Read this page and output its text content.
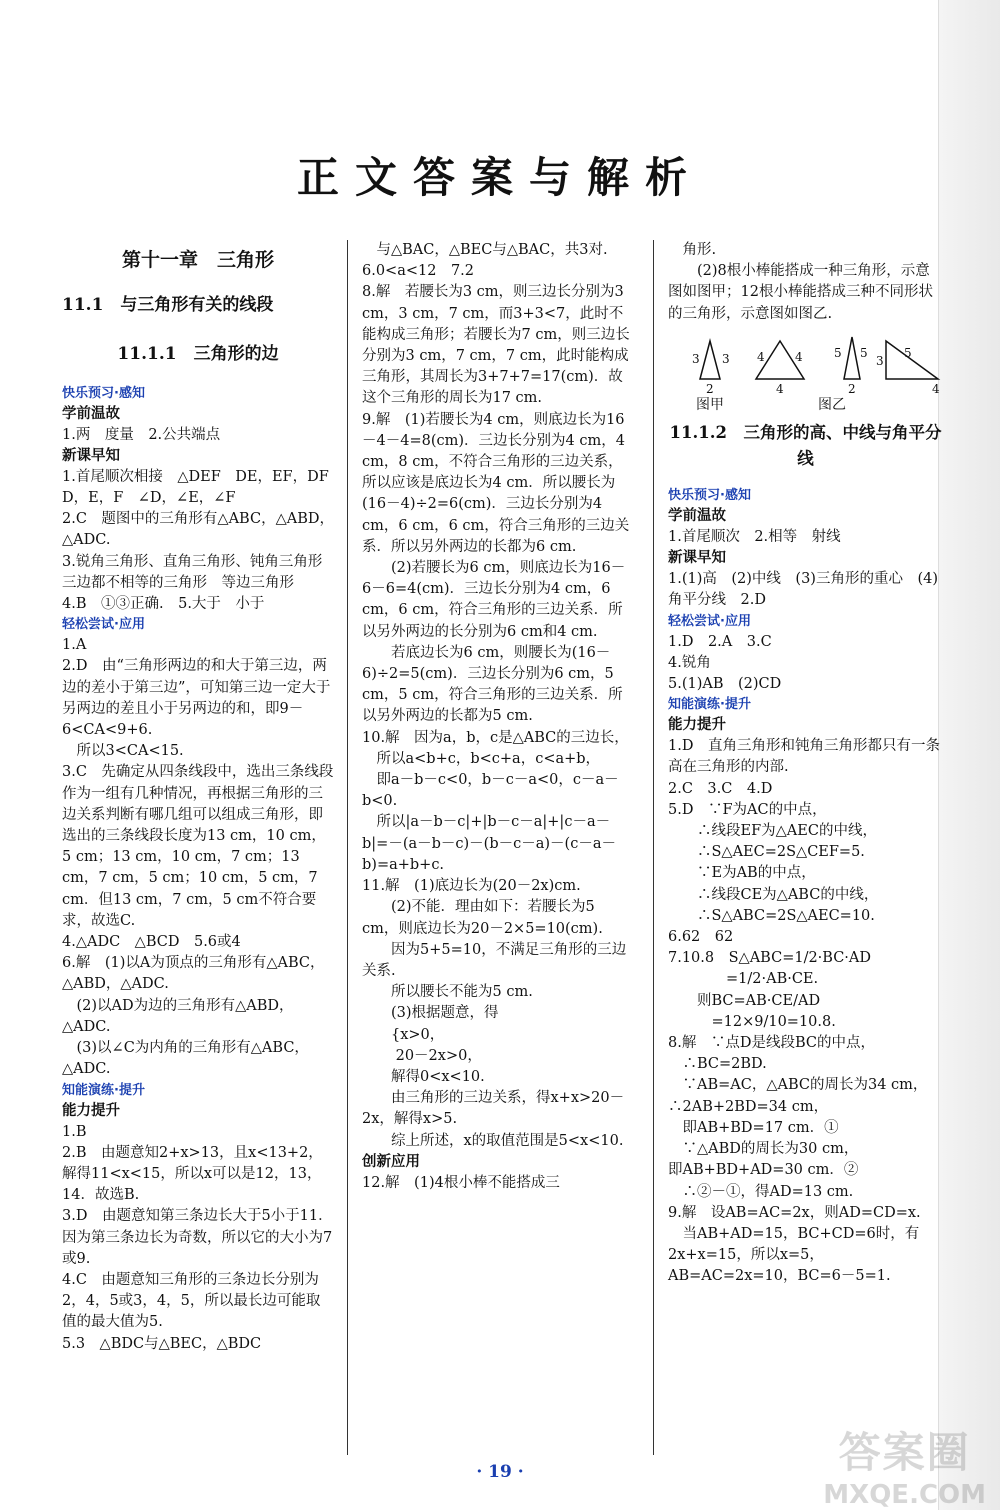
正文答案与解析
第十一章　三角形
11.1　与三角形有关的线段
11.1.1　三角形的边
快乐预习·感知
学前温故
1.两　度量　2.公共端点
新课早知
1.首尾顺次相接　△DEF　DE，EF，DF　D，E，F　∠D，∠E，∠F
2.C　题图中的三角形有△ABC，△ABD，△ADC.
3.锐角三角形、直角三角形、钝角三角形　三边都不相等的三角形　等边三角形
4.B　①③正确.　5.大于　小于
轻松尝试·应用
1.A
2.D　由“三角形两边的和大于第三边，两边的差小于第三边”，可知第三边一定大于另两边的差且小于另两边的和，即9－6<CA<9+6.
　所以3<CA<15.
3.C　先确定从四条线段中，选出三条线段作为一组有几种情况，再根据三角形的三边关系判断有哪几组可以组成三角形，即选出的三条线段长度为13 cm，10 cm，5 cm；13 cm，10 cm，7 cm；13 cm，7 cm，5 cm；10 cm，5 cm，7 cm．但13 cm，7 cm，5 cm不符合要求，故选C.
4.△ADC　△BCD　5.6或4
6.解　(1)以A为顶点的三角形有△ABC，△ABD，△ADC.
　(2)以AD为边的三角形有△ABD，△ADC.
　(3)以∠C为内角的三角形有△ABC，△ADC.
知能演练·提升
能力提升
1.B
2.B　由题意知2+x>13，且x<13+2，解得11<x<15，所以x可以是12，13，14．故选B.
3.D　由题意知第三条边长大于5小于11．因为第三条边长为奇数，所以它的大小为7或9.
4.C　由题意知三角形的三条边长分别为2，4，5或3，4，5，所以最长边可能取值的最大值为5.
5.3　△BDC与△BEC，△BDC
　与△BAC，△BEC与△BAC，共3对.
6.0<a<12　7.2
8.解　若腰长为3 cm，则三边长分别为3 cm，3 cm，7 cm，而3+3<7，此时不能构成三角形；若腰长为7 cm，则三边长分别为3 cm，7 cm，7 cm，此时能构成三角形，其周长为3+7+7=17(cm)．故这个三角形的周长为17 cm.
9.解　(1)若腰长为4 cm，则底边长为16－4－4=8(cm)．三边长分别为4 cm，4 cm，8 cm，不符合三角形的三边关系，所以应该是底边长为4 cm．所以腰长为(16－4)÷2=6(cm)．三边长分别为4 cm，6 cm，6 cm，符合三角形的三边关系．所以另外两边的长都为6 cm.
　　(2)若腰长为6 cm，则底边长为16－6－6=4(cm)．三边长分别为4 cm，6 cm，6 cm，符合三角形的三边关系．所以另外两边的长分别为6 cm和4 cm.
　　若底边长为6 cm，则腰长为(16－6)÷2=5(cm)．三边长分别为6 cm，5 cm，5 cm，符合三角形的三边关系．所以另外两边的长都为5 cm.
10.解　因为a，b，c是△ABC的三边长，
　所以a<b+c，b<c+a，c<a+b，
　即a－b－c<0，b－c－a<0，c－a－b<0.
　所以|a－b－c|+|b－c－a|+|c－a－b|=－(a－b－c)－(b－c－a)－(c－a－b)=a+b+c.
11.解　(1)底边长为(20－2x)cm.
　　(2)不能．理由如下：若腰长为5 cm，则底边长为20－2×5=10(cm).
　　因为5+5=10，不满足三角形的三边关系.
　　所以腰长不能为5 cm.
　　(3)根据题意，得
　　{x>0，
　　 20－2x>0，
　　解得0<x<10.
　　由三角形的三边关系，得x+x>20－2x，解得x>5.
　　综上所述，x的取值范围是5<x<10.
创新应用
12.解　(1)4根小棒不能搭成三
　角形.
　　(2)8根小棒能搭成一种三角形，示意图如图甲；12根小棒能搭成三种不同形状的三角形，示意图如图乙.
3 3
2
4	4
4
5 5
2
3
5
4
图甲	图乙
11.1.2　三角形的高、中线与角平分线
快乐预习·感知
学前温故
1.首尾顺次　2.相等　射线
新课早知
1.(1)高　(2)中线　(3)三角形的重心　(4)角平分线　2.D
轻松尝试·应用
1.D　2.A　3.C
4.锐角
5.(1)AB　(2)CD
知能演练·提升
能力提升
1.D　直角三角形和钝角三角形都只有一条高在三角形的内部.
2.C　3.C　4.D
5.D　∵F为AC的中点，
　　∴线段EF为△AEC的中线，
　　∴S△AEC=2S△CEF=5.
　　∵E为AB的中点，
　　∴线段CE为△ABC的中线，
　　∴S△ABC=2S△AEC=10.
6.62　62
7.10.8　S△ABC=1/2·BC·AD
　　　　=1/2·AB·CE.
　　则BC=AB·CE/AD
　　　=12×9/10=10.8.
8.解　∵点D是线段BC的中点，
　∴BC=2BD.
　∵AB=AC，△ABC的周长为34 cm，∴2AB+2BD=34 cm，
　即AB+BD=17 cm．①
　∵△ABD的周长为30 cm，
即AB+BD+AD=30 cm．②
　∴②－①，得AD=13 cm.
9.解　设AB=AC=2x，则AD=CD=x.
　当AB+AD=15，BC+CD=6时，有2x+x=15，所以x=5，AB=AC=2x=10，BC=6－5=1.
· 19 ·	答案圈
MXQE.COM
